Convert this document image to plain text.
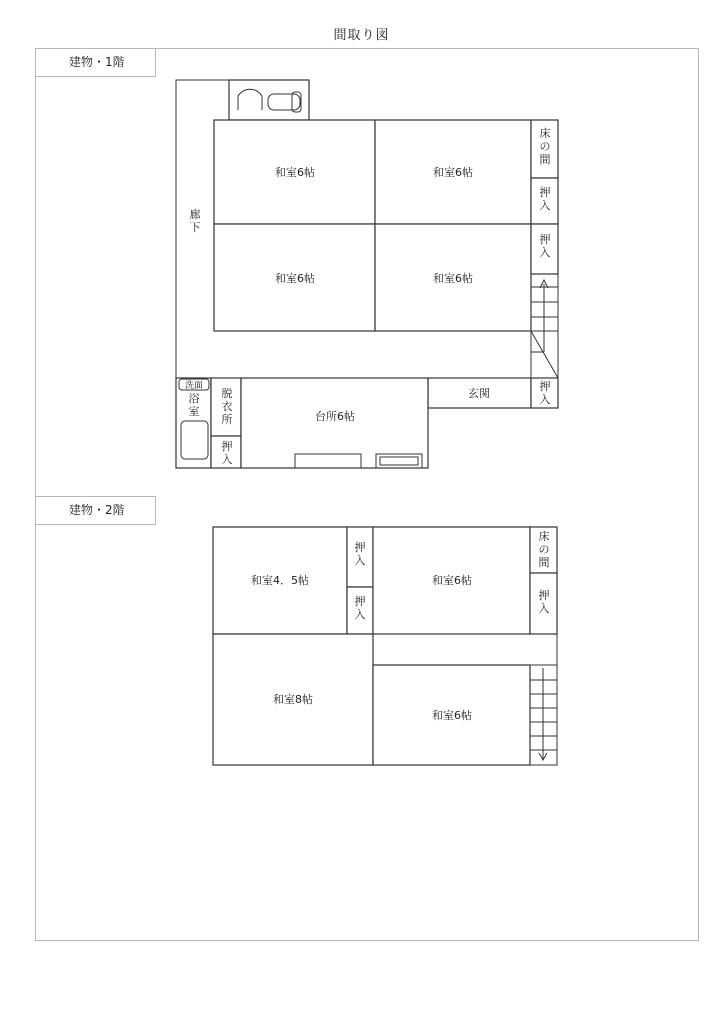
間取り図
建物・1階
建物・2階
和室6帖	和室6帖
和室6帖	和室6帖
玄関
台所6帖
洗面
床の間
押入
押入
廊下
浴室
脱衣所
押入
押入
和室4．5帖	和室6帖
和室8帖
和室6帖
押入
押入
床の間
押入
